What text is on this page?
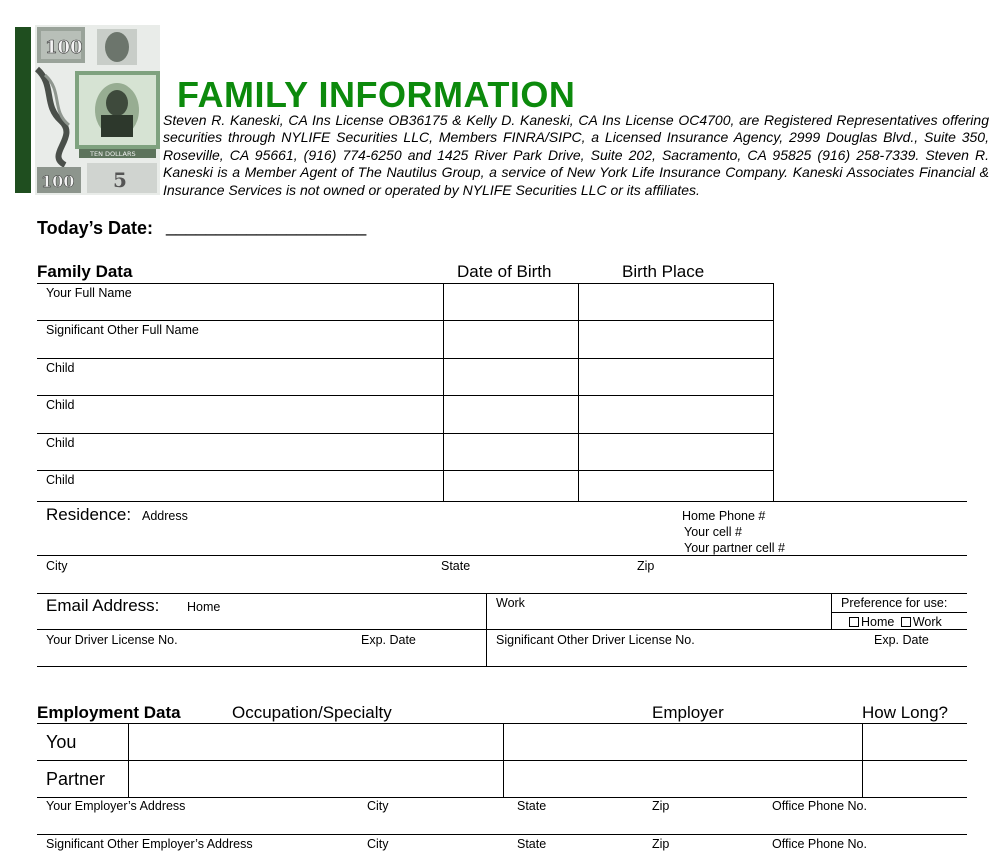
100
TEN DOLLARS
100 5
FAMILY INFORMATION
Steven R. Kaneski, CA Ins License OB36175 & Kelly D. Kaneski, CA Ins License OC4700, are Registered Representatives offering securities through NYLIFE Securities LLC, Members FINRA/SIPC, a Licensed Insurance Agency, 2999 Douglas Blvd., Suite 350, Roseville, CA 95661, (916) 774-6250 and 1425 River Park Drive, Suite 202, Sacramento, CA 95825 (916) 258-7339. Steven R. Kaneski is a Member Agent of The Nautilus Group, a service of New York Life Insurance Company. Kaneski Associates Financial & Insurance Services is not owned or operated by NYLIFE Securities LLC or its affiliates.
Today’s Date: ____________________
Family Data	Date of Birth	Birth Place
Your Full Name
Significant Other Full Name
Child
Child
Child
Child
Residence: Address	Home Phone #
Your cell #
Your partner cell #
City	State	Zip
Email Address: Home	Work	Preference for use:
Home Work
Your Driver License No.	Exp. Date	Significant Other Driver License No.	Exp. Date
Employment Data	Occupation/Specialty	Employer	How Long?
You
Partner
Your Employer’s Address	City	State	Zip	Office Phone No.
Significant Other Employer’s Address	City	State	Zip	Office Phone No.
